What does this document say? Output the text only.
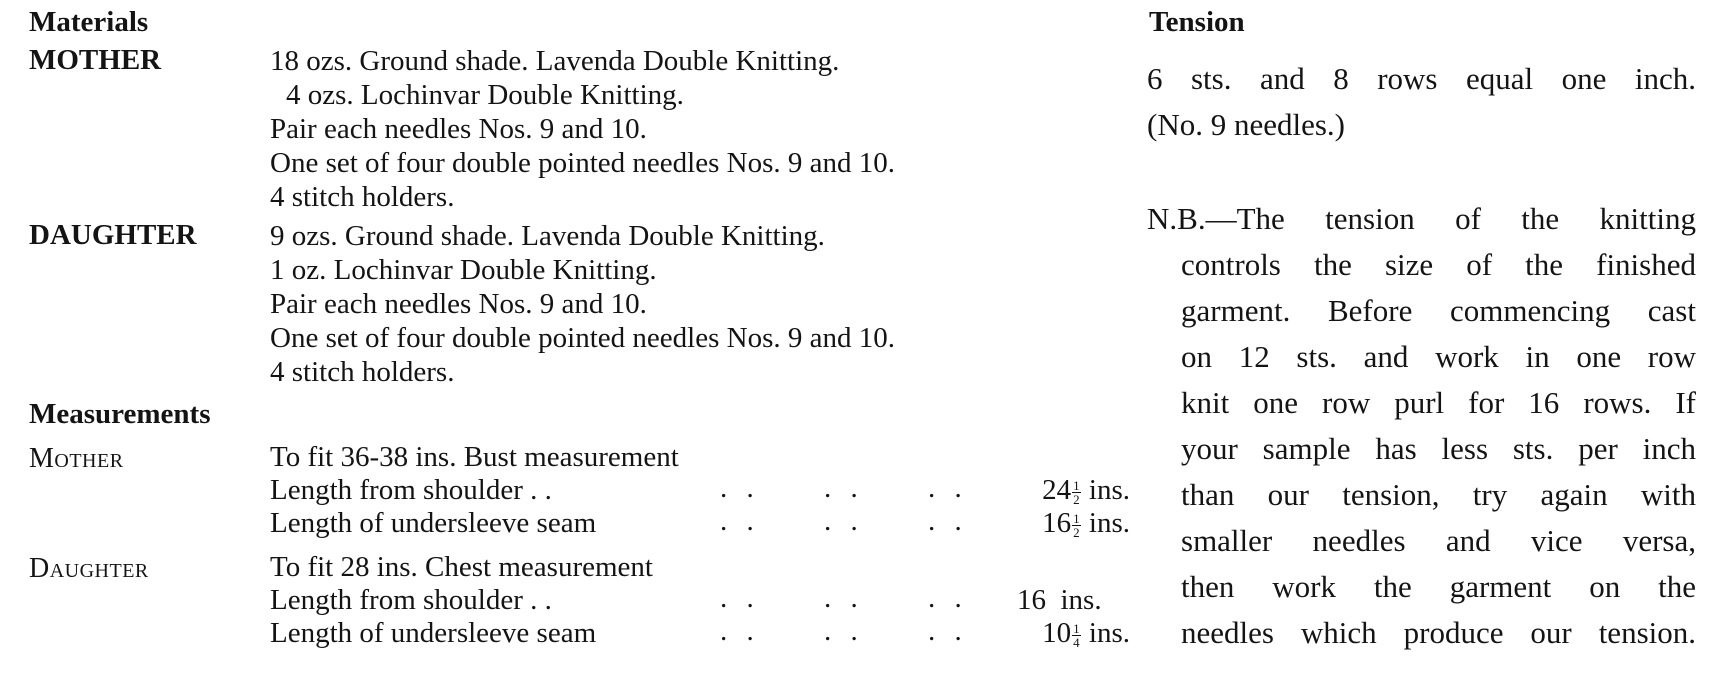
Materials
MOTHER	18 ozs. Ground shade. Lavenda Double Knitting.
4 ozs. Lochinvar Double Knitting.
Pair each needles Nos. 9 and 10.
One set of four double pointed needles Nos. 9 and 10.
4 stitch holders.
DAUGHTER	9 ozs. Ground shade. Lavenda Double Knitting.
1 oz. Lochinvar Double Knitting.
Pair each needles Nos. 9 and 10.
One set of four double pointed needles Nos. 9 and 10.
4 stitch holders.
Measurements
Mother	To fit 36-38 ins. Bust measurement
Length from shoulder . .	. . . . . .	$24 \frac{1}{2}$ ins.
Length of undersleeve seam	. . . . . .	$16 \frac{1}{2}$ ins.
Daughter	To fit 28 ins. Chest measurement
Length from shoulder . .	. . . . . . 16 ins.
Length of undersleeve seam	. . . . . .	$10 \frac{1}{4}$ ins.
Tension
6 sts. and 8 rows equal one inch.
(No. 9 needles.)
N.B.—The tension of the knitting
controls the size of the finished
garment. Before commencing cast
on 12 sts. and work in one row
knit one row purl for 16 rows. If
your sample has less sts. per inch
than our tension, try again with
smaller needles and vice versa,
then work the garment on the
needles which produce our tension.
